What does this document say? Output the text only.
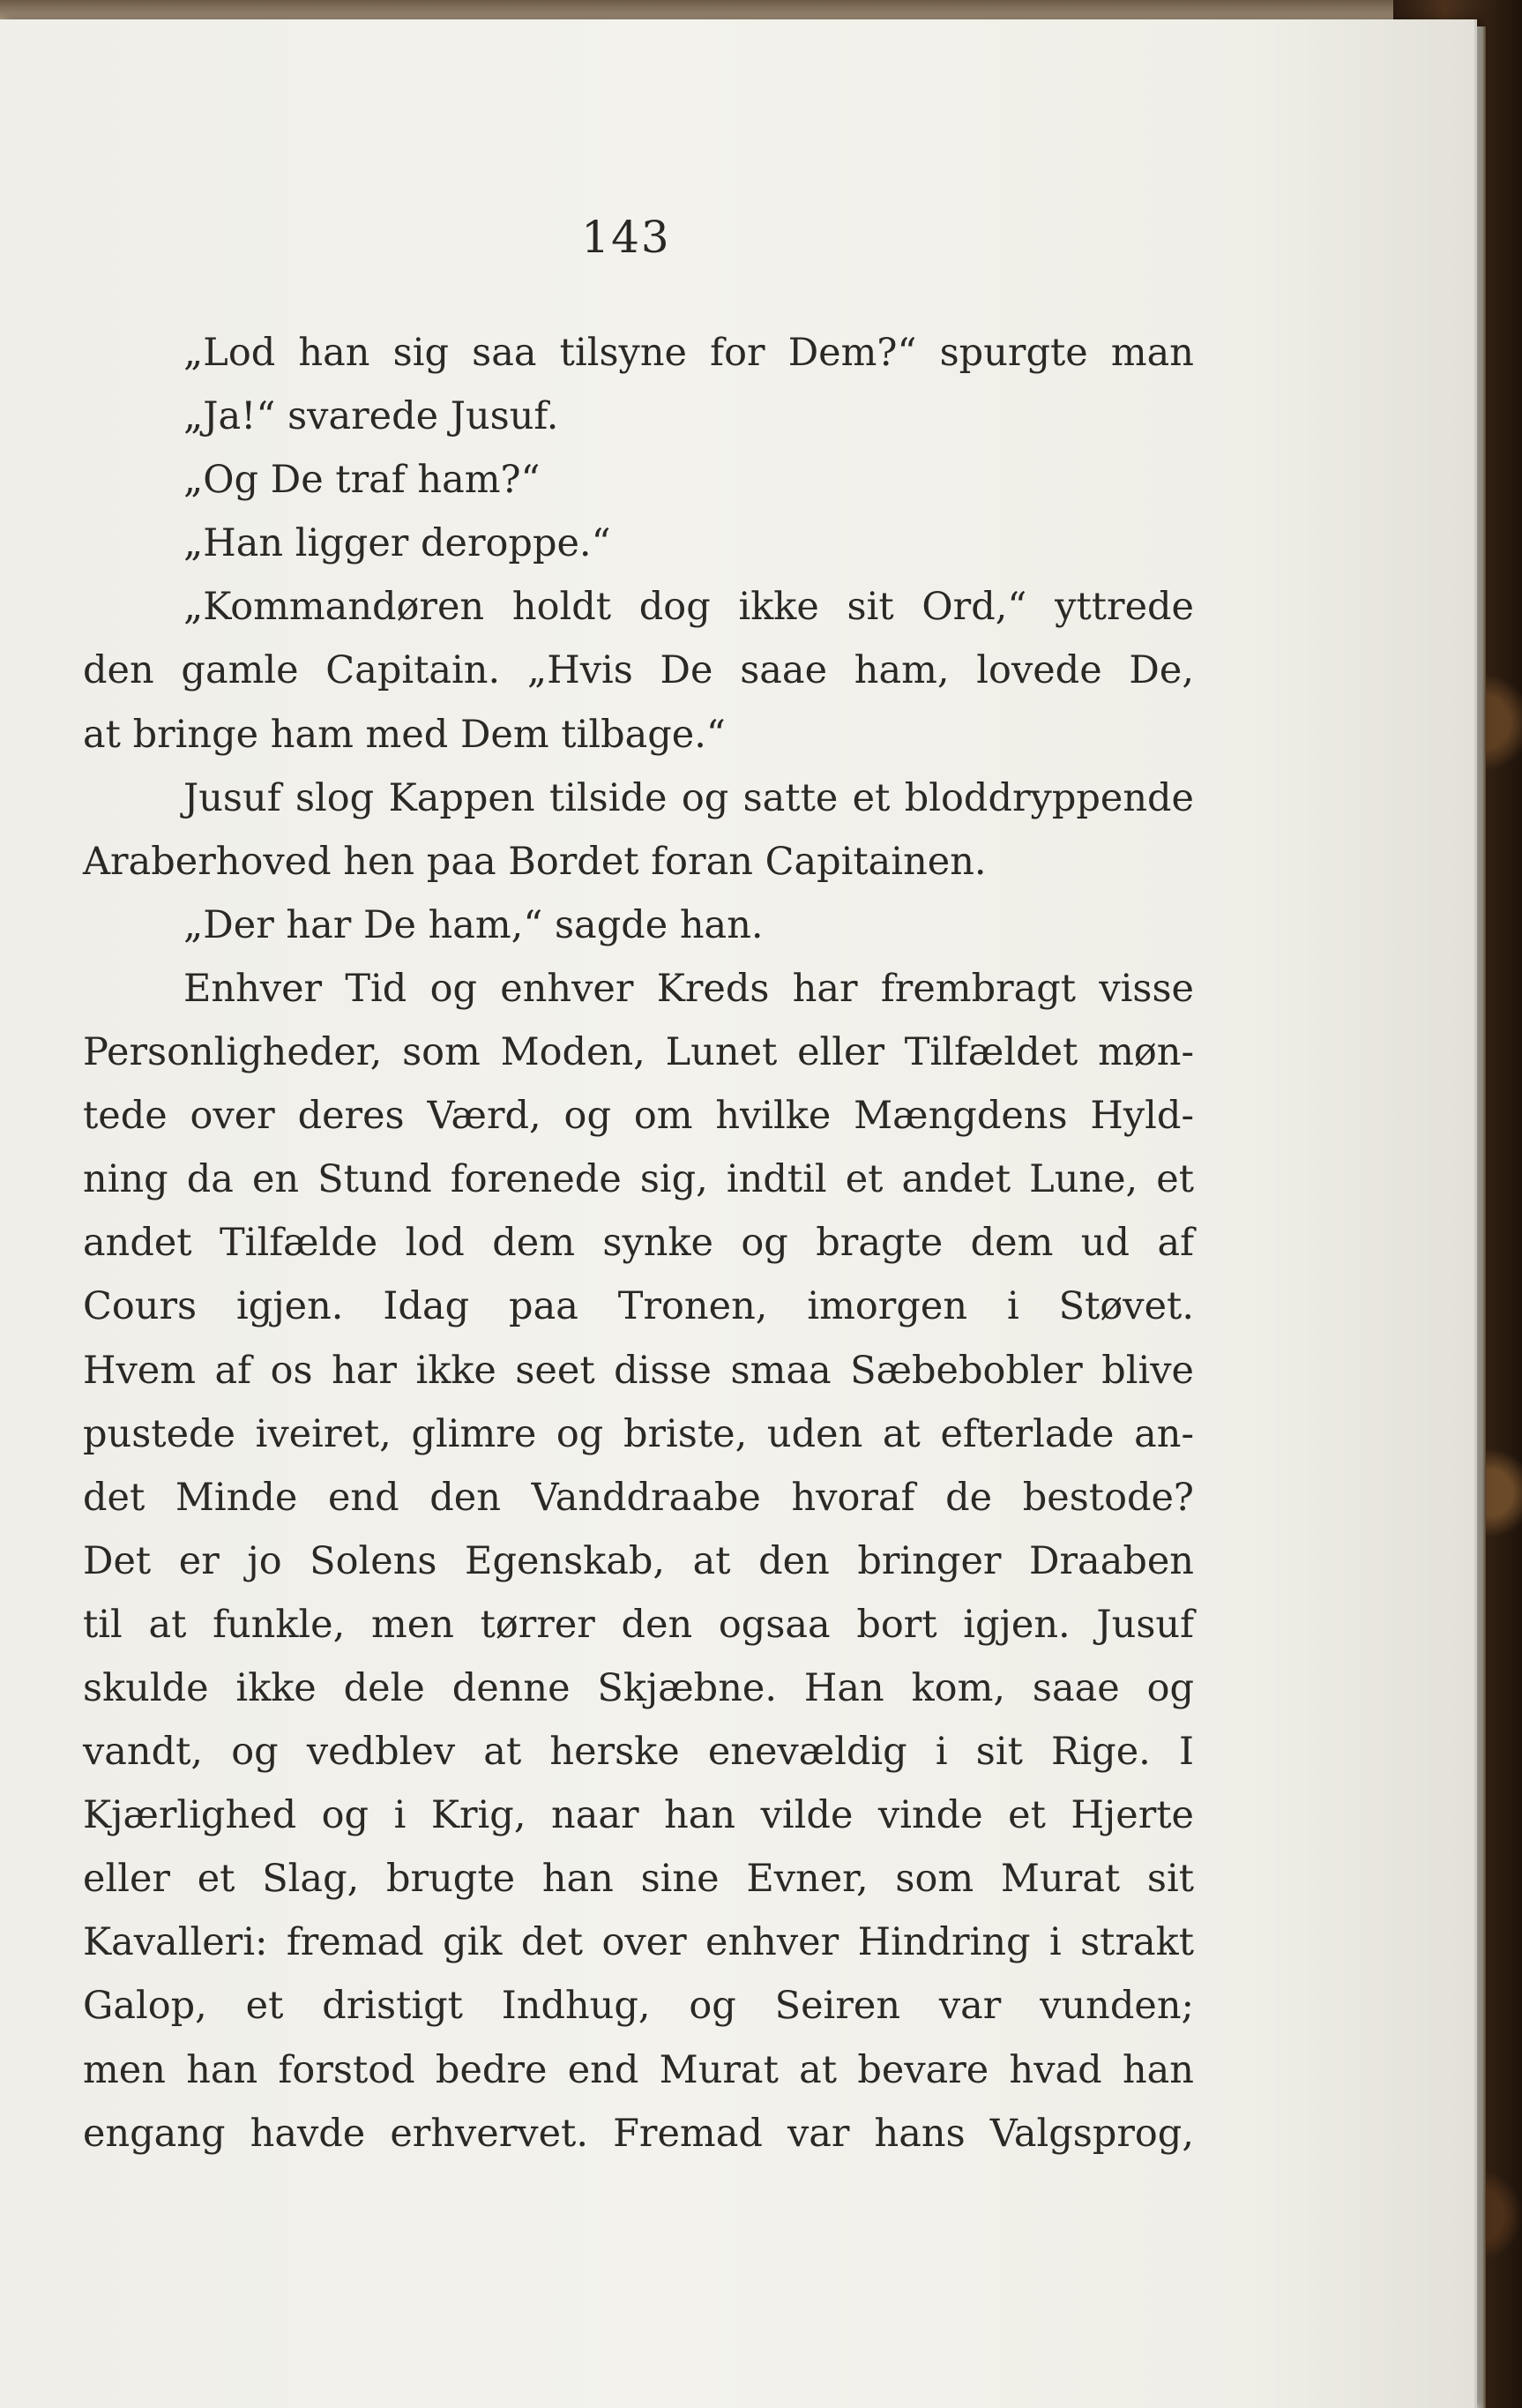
143
„Lod han sig saa tilsyne for Dem?“ spurgte man
„Ja!“ svarede Jusuf.
„Og De traf ham?“
„Han ligger deroppe.“
„Kommandøren holdt dog ikke sit Ord,“ yttrede
den gamle Capitain. „Hvis De saae ham, lovede De,
at bringe ham med Dem tilbage.“
Jusuf slog Kappen tilside og satte et bloddryppende
Araberhoved hen paa Bordet foran Capitainen.
„Der har De ham,“ sagde han.
Enhver Tid og enhver Kreds har frembragt visse
Personligheder, som Moden, Lunet eller Tilfældet møn-
tede over deres Værd, og om hvilke Mængdens Hyld-
ning da en Stund forenede sig, indtil et andet Lune, et
andet Tilfælde lod dem synke og bragte dem ud af
Cours igjen. Idag paa Tronen, imorgen i Støvet.
Hvem af os har ikke seet disse smaa Sæbebobler blive
pustede iveiret, glimre og briste, uden at efterlade an-
det Minde end den Vanddraabe hvoraf de bestode?
Det er jo Solens Egenskab, at den bringer Draaben
til at funkle, men tørrer den ogsaa bort igjen. Jusuf
skulde ikke dele denne Skjæbne. Han kom, saae og
vandt, og vedblev at herske enevældig i sit Rige. I
Kjærlighed og i Krig, naar han vilde vinde et Hjerte
eller et Slag, brugte han sine Evner, som Murat sit
Kavalleri: fremad gik det over enhver Hindring i strakt
Galop, et dristigt Indhug, og Seiren var vunden;
men han forstod bedre end Murat at bevare hvad han
engang havde erhvervet. Fremad var hans Valgsprog,
